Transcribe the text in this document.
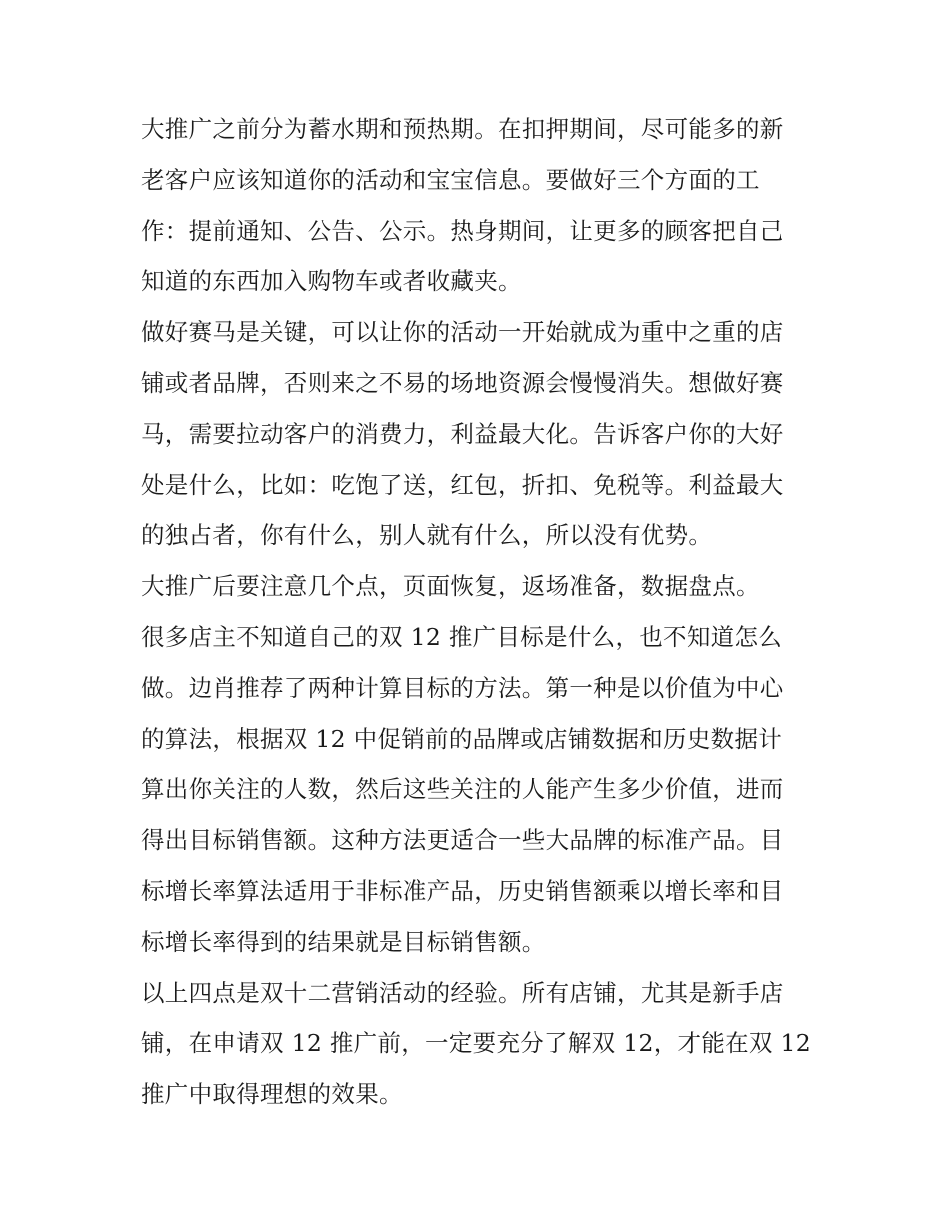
大推广之前分为蓄水期和预热期。在扣押期间，尽可能多的新
老客户应该知道你的活动和宝宝信息。要做好三个方面的工
作：提前通知、公告、公示。热身期间，让更多的顾客把自己
知道的东西加入购物车或者收藏夹。
做好赛马是关键，可以让你的活动一开始就成为重中之重的店
铺或者品牌，否则来之不易的场地资源会慢慢消失。想做好赛
马，需要拉动客户的消费力，利益最大化。告诉客户你的大好
处是什么，比如：吃饱了送，红包，折扣、免税等。利益最大
的独占者，你有什么，别人就有什么，所以没有优势。
大推广后要注意几个点，页面恢复，返场准备，数据盘点。
很多店主不知道自己的双 12 推广目标是什么，也不知道怎么
做。边肖推荐了两种计算目标的方法。第一种是以价值为中心
的算法，根据双 12 中促销前的品牌或店铺数据和历史数据计
算出你关注的人数，然后这些关注的人能产生多少价值，进而
得出目标销售额。这种方法更适合一些大品牌的标准产品。目
标增长率算法适用于非标准产品，历史销售额乘以增长率和目
标增长率得到的结果就是目标销售额。
以上四点是双十二营销活动的经验。所有店铺，尤其是新手店
铺，在申请双 12 推广前，一定要充分了解双 12，才能在双 12
推广中取得理想的效果。
